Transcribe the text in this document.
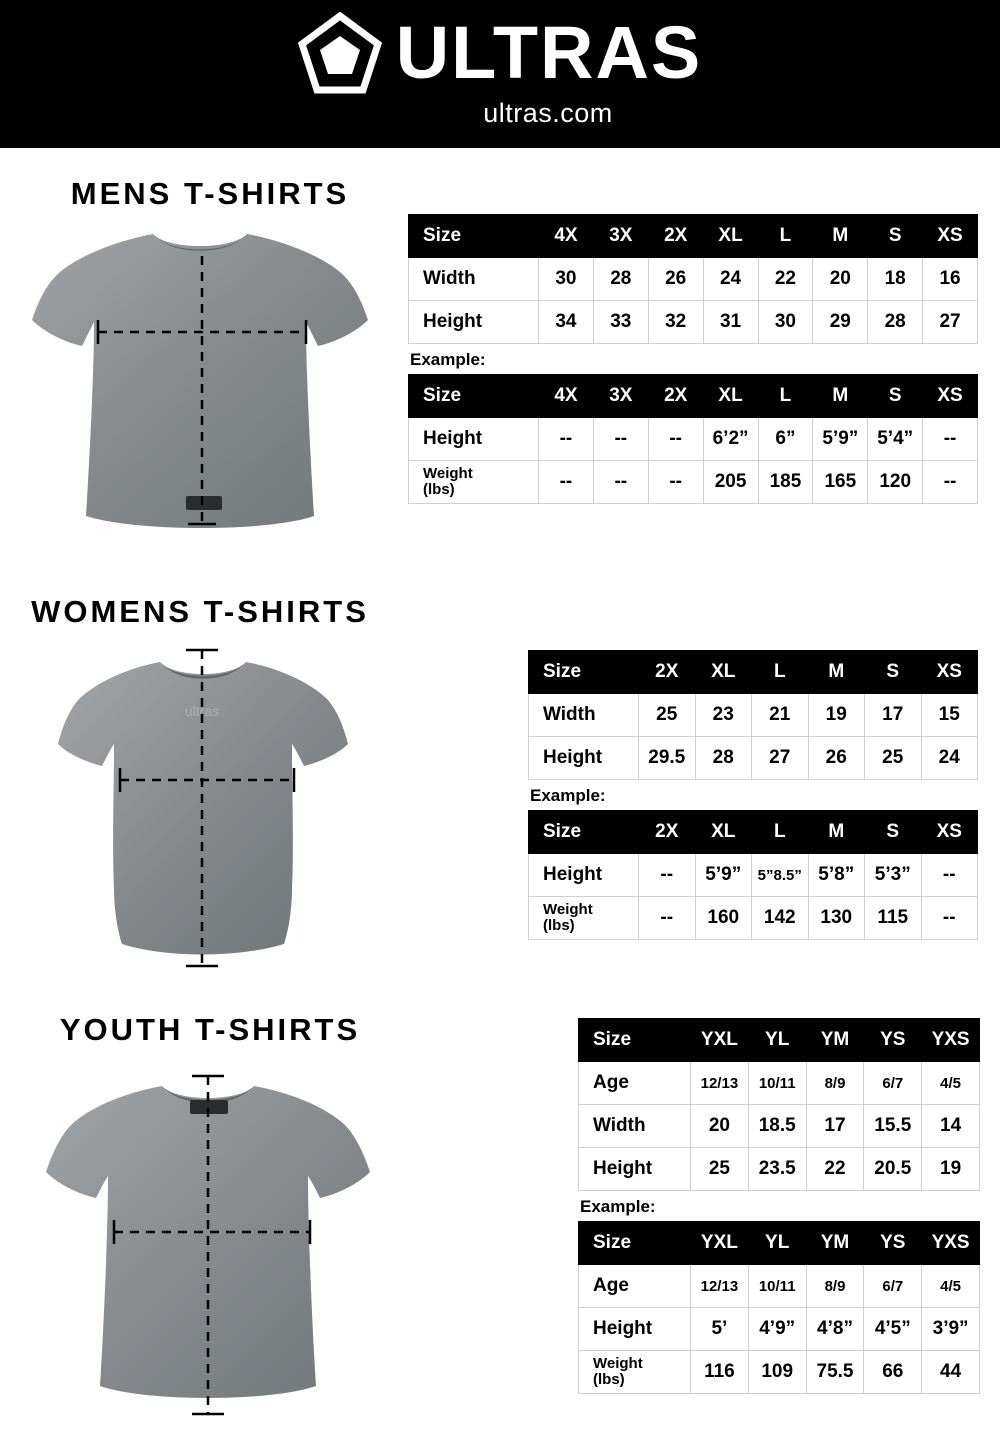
ULTRAS
ultras.com
MENS T-SHIRTS
Size	4X	3X	2X	XL	L	M	S	XS
Width	30	28	26	24	22	20	18	16
Height	34	33	32	31	30	29	28	27
Example:
Size	4X	3X	2X	XL	L	M	S	XS
Height	--	--	--	6’2”	6”	5’9”	5’4”	--
Weight
(lbs)	--	--	--	205	185	165	120	--
WOMENS T-SHIRTS
ultras
Size	2X	XL	L	M	S	XS
Width	25	23	21	19	17	15
Height	29.5	28	27	26	25	24
Example:
Size	2X	XL	L	M	S	XS
Height	--	5’9”	5”8.5”	5’8”	5’3”	--
Weight
(lbs)	--	160	142	130	115	--
YOUTH T-SHIRTS	Size	YXL	YL	YM	YS	YXS
Age	12/13	10/11	8/9	6/7	4/5
Width	20	18.5	17	15.5	14
Height	25	23.5	22	20.5	19
Example:
Size	YXL	YL	YM	YS	YXS
Age	12/13	10/11	8/9	6/7	4/5
Height	5’	4’9”	4’8”	4’5”	3’9”
Weight
(lbs)	116	109	75.5	66	44
